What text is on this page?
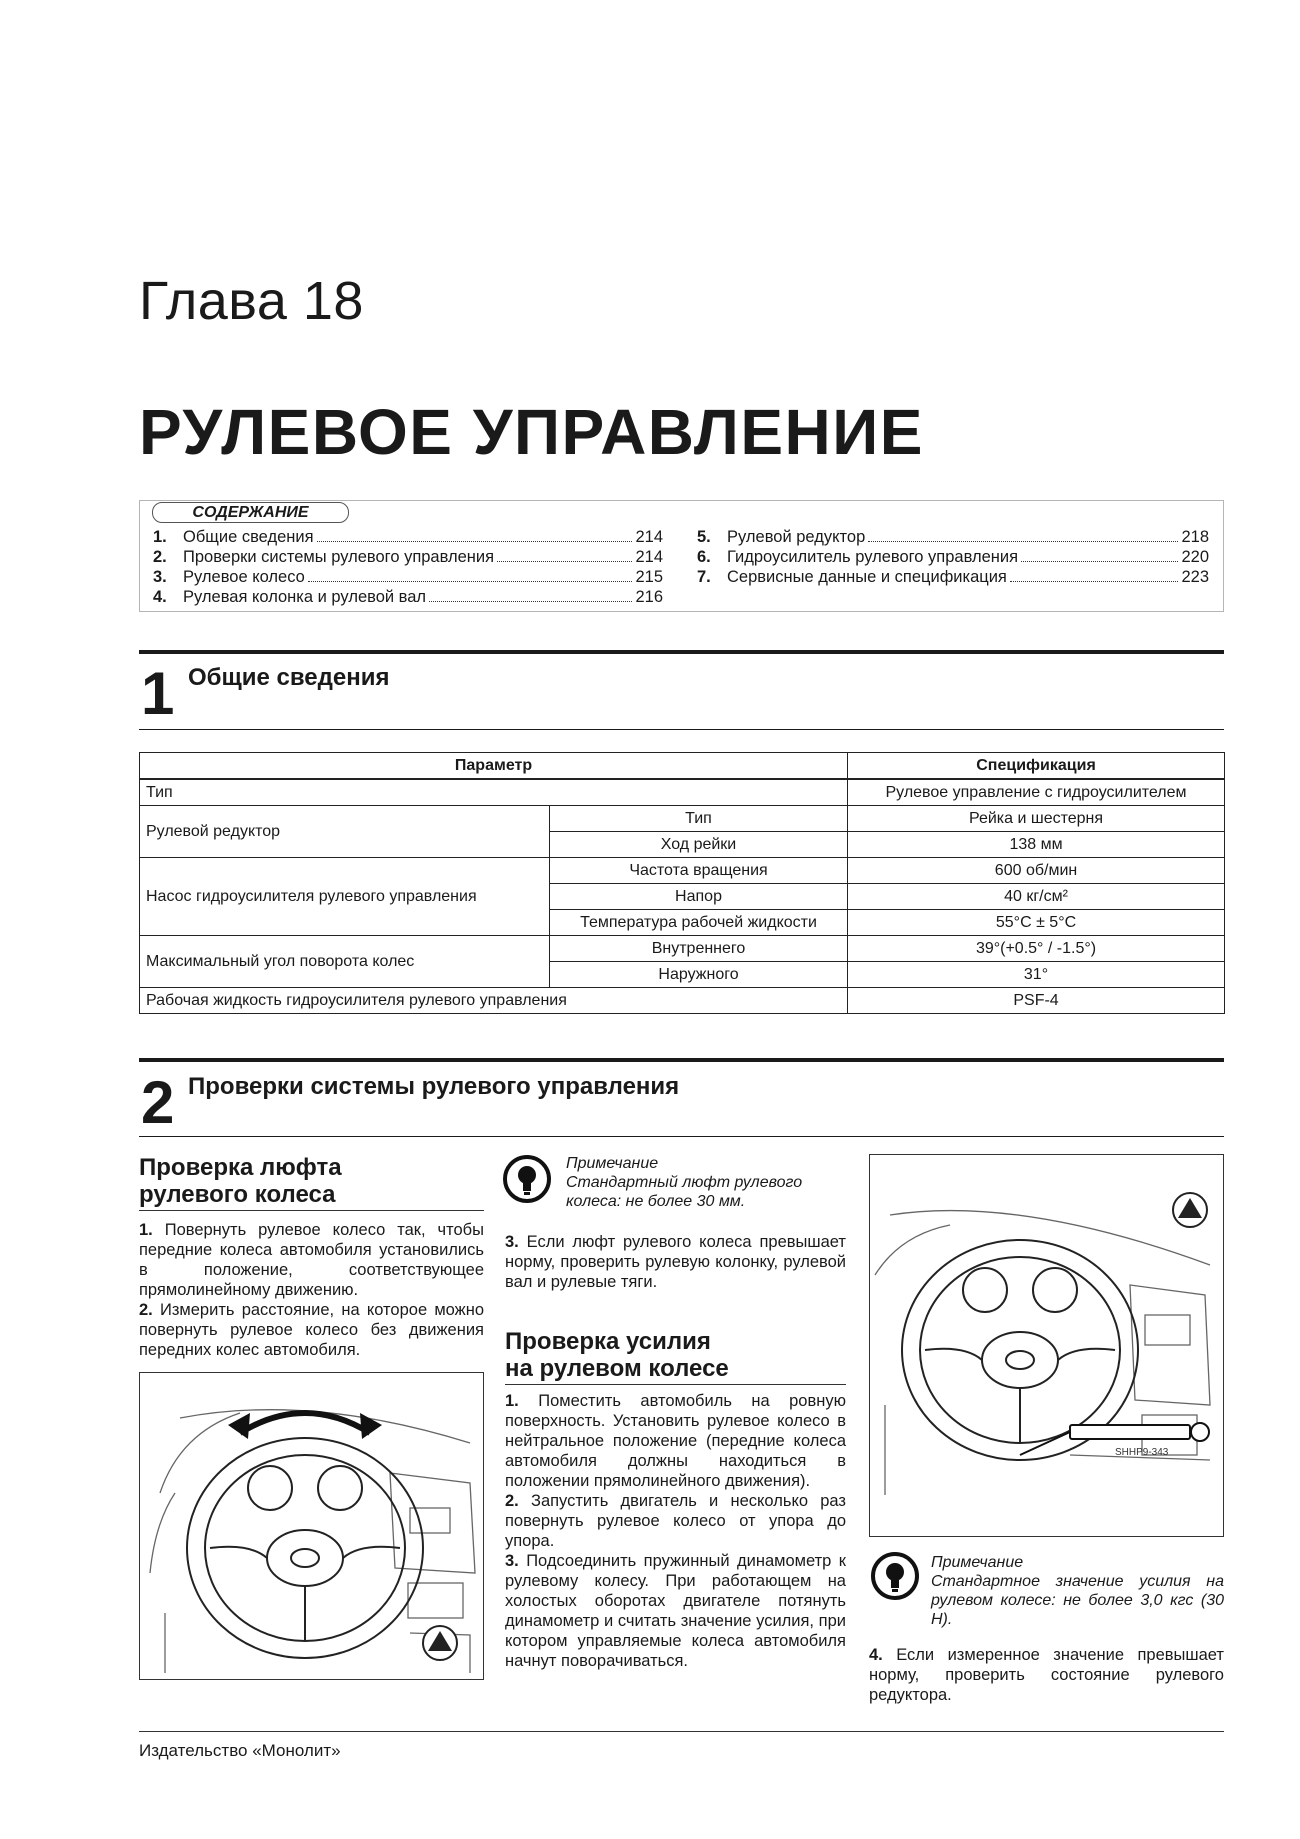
Глава 18
РУЛЕВОЕ УПРАВЛЕНИЕ
СОДЕРЖАНИЕ
1. Общие сведения	214
2. Проверки системы рулевого управления	214
3. Рулевое колесо	215
4. Рулевая колонка и рулевой вал	216
5. Рулевой редуктор	218
6. Гидроусилитель рулевого управления	220
7. Сервисные данные и спецификация	223
1 Общие сведения
Параметр		Спецификация
Тип		Рулевое управление с гидроусилителем
Рулевой редуктор	Тип	Рейка и шестерня
	Ход рейки	138 мм
Насос гидроусилителя рулевого управления	Частота вращения	600 об/мин
	Напор	40 кг/см²
	Температура рабочей жидкости	55°С ± 5°С
Максимальный угол поворота колес	Внутреннего	39°(+0.5° / -1.5°)
	Наружного	31°
Рабочая жидкость гидроусилителя рулевого управления		PSF-4
2 Проверки системы рулевого управления
Проверка люфта
рулевого колеса
1. Повернуть рулевое колесо так, чтобы передние колеса автомобиля установились в положение, соответствующее прямолинейному движению.
2. Измерить расстояние, на которое можно повернуть рулевое колесо без движения передних колес автомобиля.
Примечание
Стандартный люфт рулевого колеса: не более 30 мм.
3. Если люфт рулевого колеса превышает норму, проверить рулевую колонку, рулевой вал и рулевые тяги.
Проверка усилия
на рулевом колесе
1. Поместить автомобиль на ровную поверхность. Установить рулевое колесо в нейтральное положение (передние колеса автомобиля должны находиться в положении прямолинейного движения).
2. Запустить двигатель и несколько раз повернуть рулевое колесо от упора до упора.
3. Подсоединить пружинный динамометр к рулевому колесу. При работающем на холостых оборотах двигателе потянуть динамометр и считать значение усилия, при котором управляемые колеса автомобиля начнут поворачиваться.
SHHP9-343
Примечание
Стандартное значение усилия на рулевом колесе: не более 3,0 кгс (30 Н).
4. Если измеренное значение превышает норму, проверить состояние рулевого редуктора.
Издательство «Монолит»
